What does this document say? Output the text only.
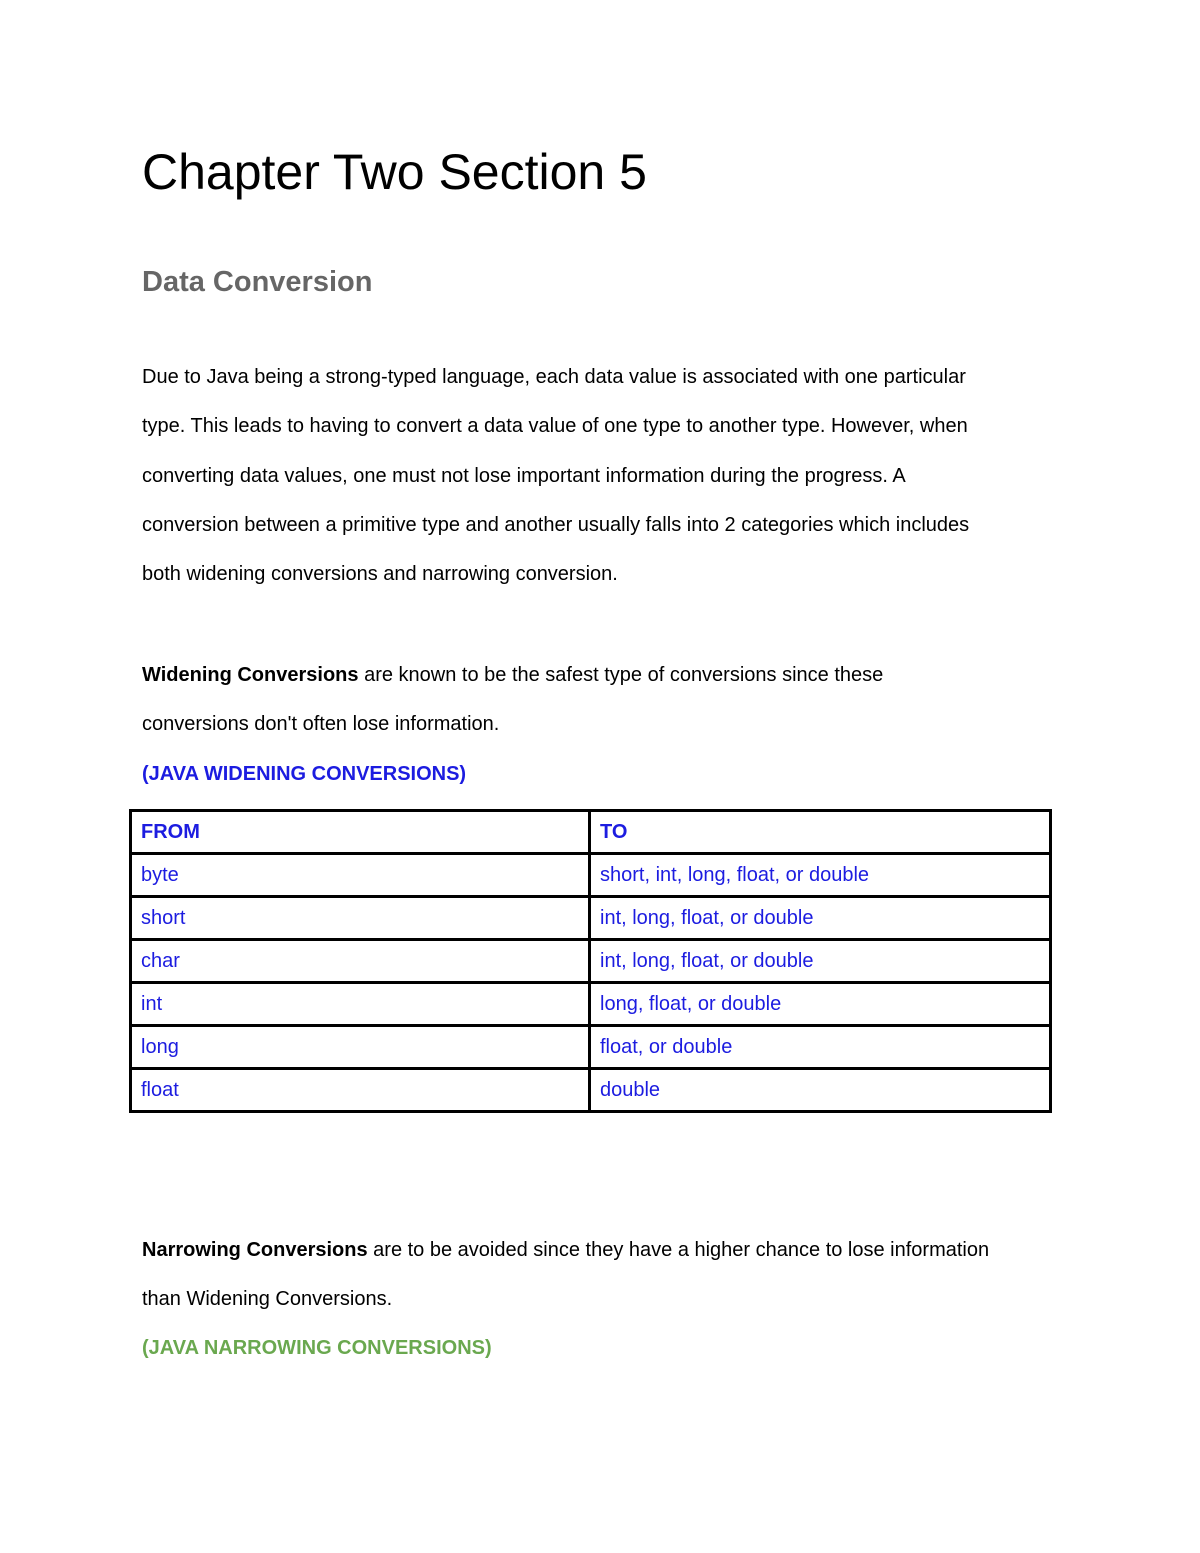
Chapter Two Section 5
Data Conversion

Due to Java being a strong-typed language, each data value is associated with one particular
type. This leads to having to convert a data value of one type to another type. However, when
converting data values, one must not lose important information during the progress. A
conversion between a primitive type and another usually falls into 2 categories which includes
both widening conversions and narrowing conversion.

Widening Conversions are known to be the safest type of conversions since these
conversions don't often lose information.

(JAVA WIDENING CONVERSIONS)
FROM	TO
byte	short, int, long, float, or double
short	int, long, float, or double
char	int, long, float, or double
int	long, float, or double
long	float, or double
float	double

Narrowing Conversions are to be avoided since they have a higher chance to lose information
than Widening Conversions.

(JAVA NARROWING CONVERSIONS)
